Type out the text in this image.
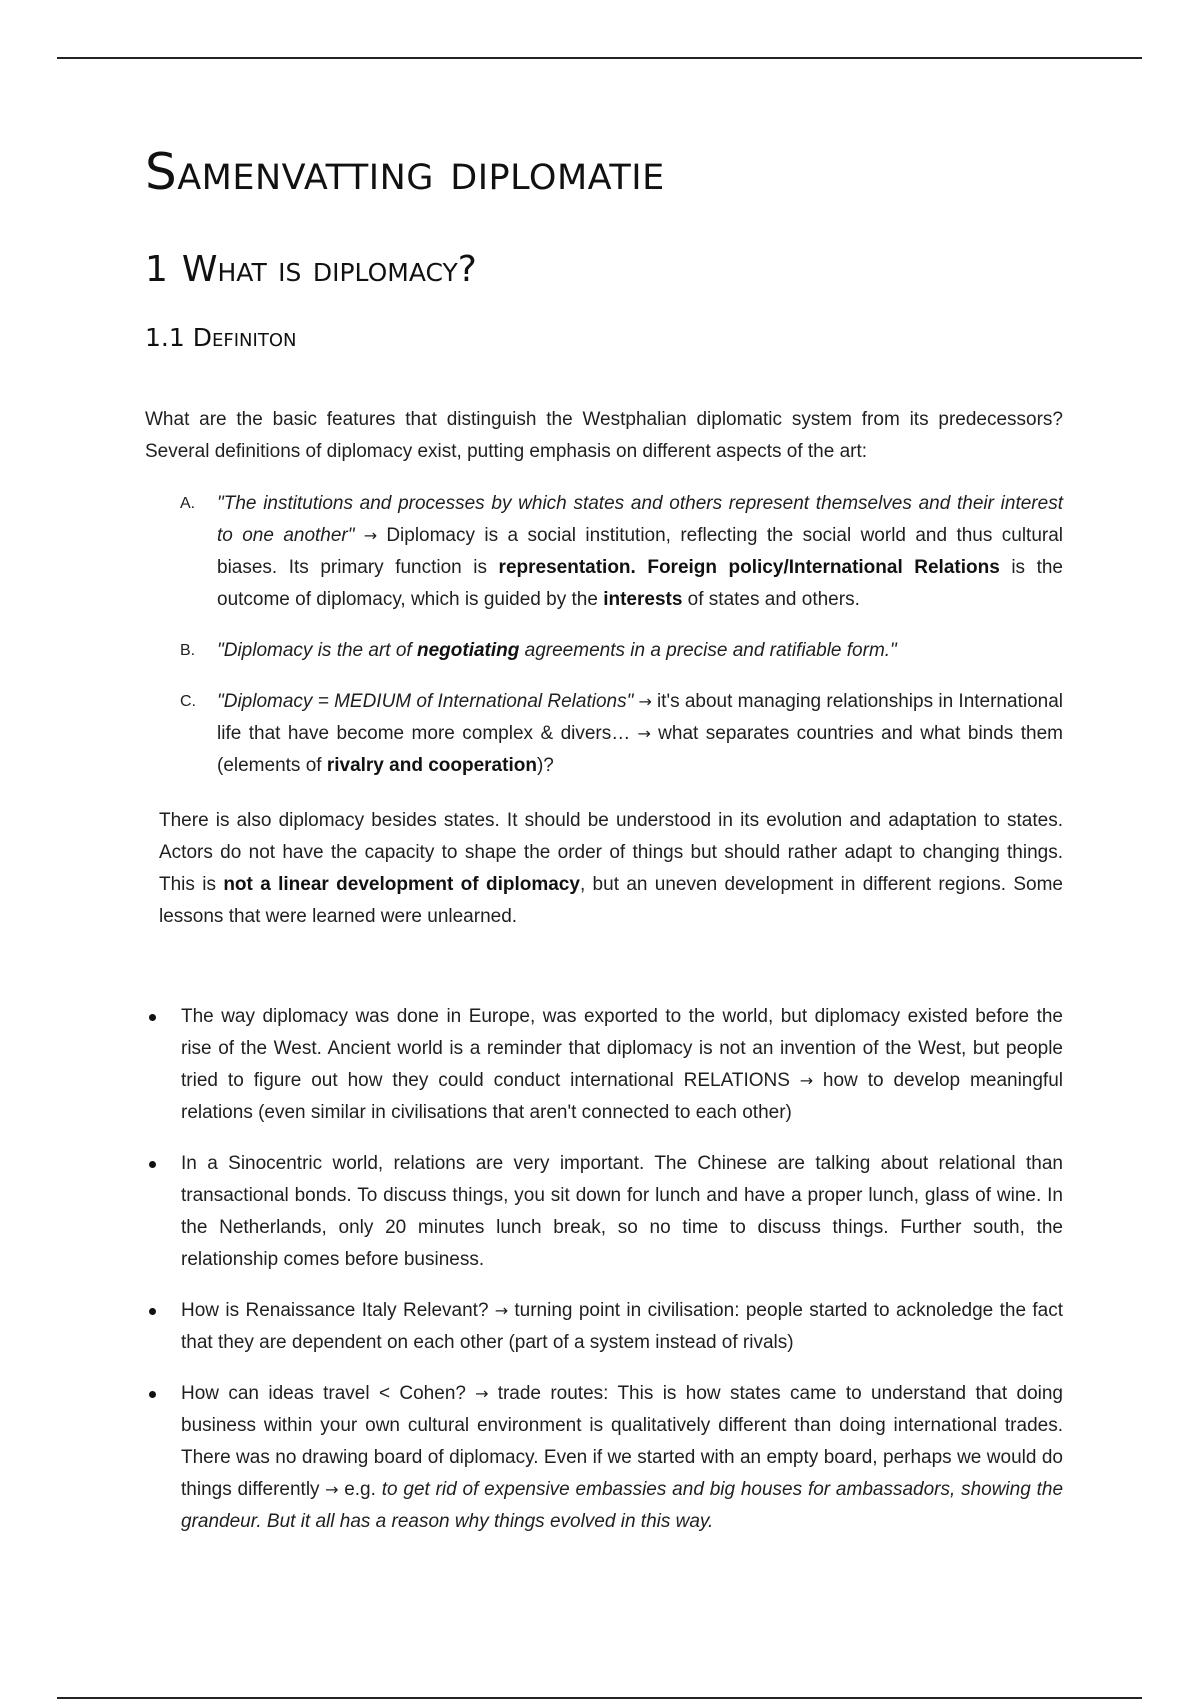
Samenvatting diplomatie
1 What is diplomacy?
1.1 Definiton

What are the basic features that distinguish the Westphalian diplomatic system from its predecessors? Several definitions of diplomacy exist, putting emphasis on different aspects of the art:

A. "The institutions and processes by which states and others represent themselves and their interest to one another" → Diplomacy is a social institution, reflecting the social world and thus cultural biases. Its primary function is representation. Foreign policy/International Relations is the outcome of diplomacy, which is guided by the interests of states and others.
B. "Diplomacy is the art of negotiating agreements in a precise and ratifiable form."
C. "Diplomacy = MEDIUM of International Relations" → it's about managing relationships in International life that have become more complex & divers… → what separates countries and what binds them (elements of rivalry and cooperation)?

There is also diplomacy besides states. It should be understood in its evolution and adaptation to states. Actors do not have the capacity to shape the order of things but should rather adapt to changing things. This is not a linear development of diplomacy, but an uneven development in different regions. Some lessons that were learned were unlearned.

The way diplomacy was done in Europe, was exported to the world, but diplomacy existed before the rise of the West. Ancient world is a reminder that diplomacy is not an invention of the West, but people tried to figure out how they could conduct international RELATIONS → how to develop meaningful relations (even similar in civilisations that aren't connected to each other)
In a Sinocentric world, relations are very important. The Chinese are talking about relational than transactional bonds. To discuss things, you sit down for lunch and have a proper lunch, glass of wine. In the Netherlands, only 20 minutes lunch break, so no time to discuss things. Further south, the relationship comes before business.
How is Renaissance Italy Relevant? → turning point in civilisation: people started to acknoledge the fact that they are dependent on each other (part of a system instead of rivals)
How can ideas travel < Cohen? → trade routes: This is how states came to understand that doing business within your own cultural environment is qualitatively different than doing international trades. There was no drawing board of diplomacy. Even if we started with an empty board, perhaps we would do things differently → e.g. to get rid of expensive embassies and big houses for ambassadors, showing the grandeur. But it all has a reason why things evolved in this way.
